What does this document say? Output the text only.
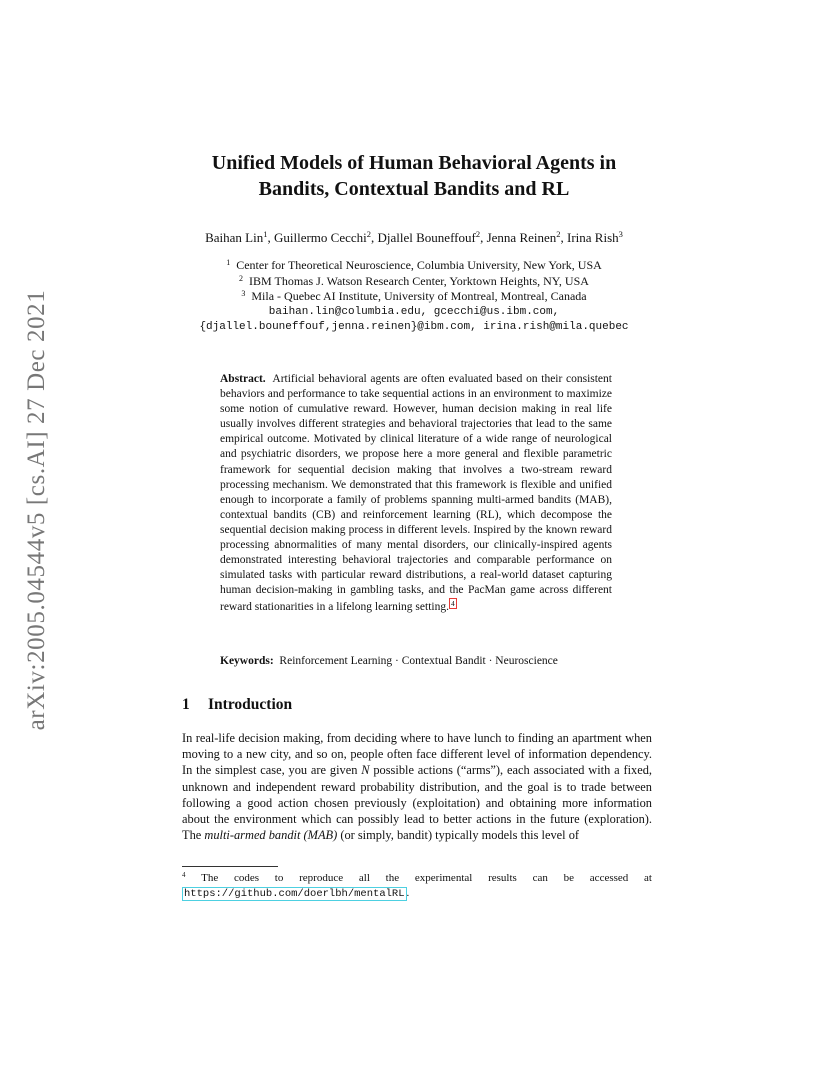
arXiv:2005.04544v5 [cs.AI] 27 Dec 2021
Unified Models of Human Behavioral Agents in
Bandits, Contextual Bandits and RL
Baihan Lin$^1$, Guillermo Cecchi$^2$, Djallel Bouneffouf$^2$, Jenna Reinen$^2$, Irina Rish$^3$
$^1$ Center for Theoretical Neuroscience, Columbia University, New York, USA
$^2$ IBM Thomas J. Watson Research Center, Yorktown Heights, NY, USA
$^3$ Mila - Quebec AI Institute, University of Montreal, Montreal, Canada
baihan.lin@columbia.edu, gcecchi@us.ibm.com,
{djallel.bouneffouf,jenna.reinen}@ibm.com, irina.rish@mila.quebec
Abstract. Artificial behavioral agents are often evaluated based on their consistent behaviors and performance to take sequential actions in an environment to maximize some notion of cumulative reward. However, human decision making in real life usually involves different strategies and behavioral trajectories that lead to the same empirical outcome. Motivated by clinical literature of a wide range of neurological and psychiatric disorders, we propose here a more general and flexible parametric framework for sequential decision making that involves a two-stream reward processing mechanism. We demonstrated that this framework is flexible and unified enough to incorporate a family of problems spanning multi-armed bandits (MAB), contextual bandits (CB) and reinforcement learning (RL), which decompose the sequential decision making process in different levels. Inspired by the known reward processing abnormalities of many mental disorders, our clinically-inspired agents demonstrated interesting behavioral trajectories and comparable performance on simulated tasks with particular reward distributions, a real-world dataset capturing human decision-making in gambling tasks, and the PacMan game across different reward stationarities in a lifelong learning setting. 4
Keywords: Reinforcement Learning · Contextual Bandit · Neuroscience
1 Introduction
In real-life decision making, from deciding where to have lunch to finding an apartment when moving to a new city, and so on, people often face different level of information dependency. In the simplest case, you are given N possible actions (“arms”), each associated with a fixed, unknown and independent reward probability distribution, and the goal is to trade between following a good action chosen previously (exploitation) and obtaining more information about the environment which can possibly lead to better actions in the future (exploration). The multi-armed bandit (MAB) (or simply, bandit) typically models this level of
$^4$ The codes to reproduce all the experimental results can be accessed at https://github.com/doerlbh/mentalRL .
